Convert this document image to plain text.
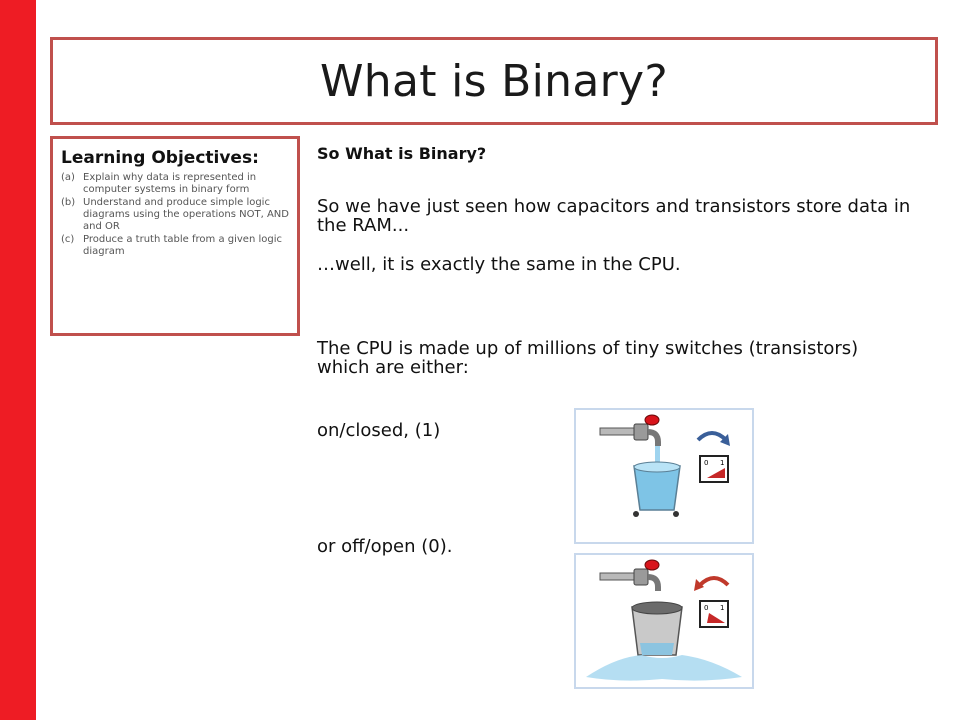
What is Binary?
Learning Objectives:
(a) Explain why data is represented in computer systems in binary form
(b) Understand and produce simple logic diagrams using the operations NOT, AND and OR
(c) Produce a truth table from a given logic diagram

So What is Binary?

So we have just seen how capacitors and transistors store data in the RAM...

…well, it is exactly the same in the CPU.

The CPU is made up of millions of tiny switches (transistors) which are either:

on/closed, (1)

or off/open (0).

0 1
0 1
